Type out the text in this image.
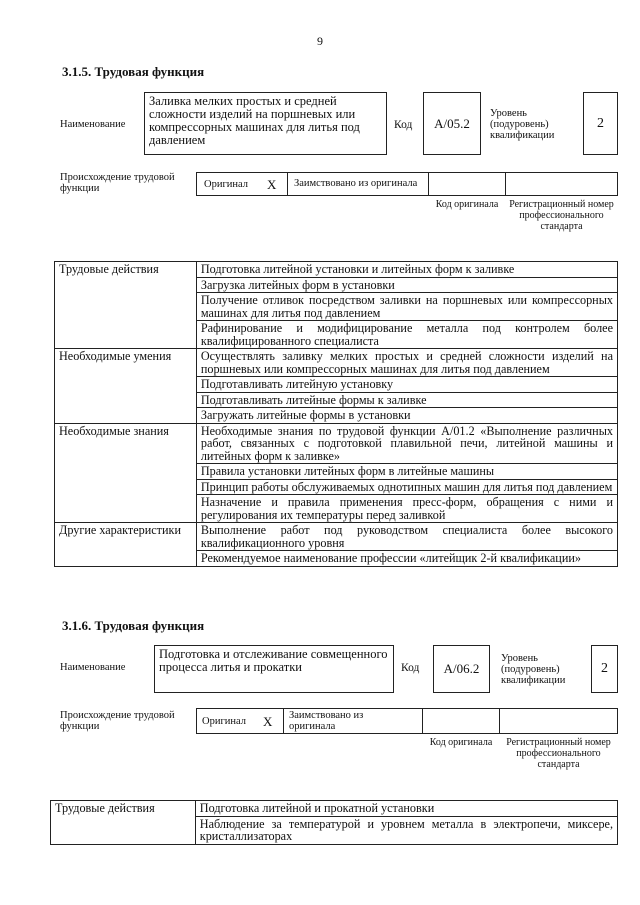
9
3.1.5. Трудовая функция
Наименование
Заливка мелких простых и средней сложности изделий на поршневых или компрессорных машинах для литья под давлением
Код	А/05.2
Уровень (подуровень) квалификации
2
Происхождение трудовой функции	Оригинал X Заимствовано из оригинала
Код оригинала	Регистрационный номер профессионального стандарта
Трудовые действия	Подготовка литейной установки и литейных форм к заливке
	Загрузка литейных форм в установки
	Получение отливок посредством заливки на поршневых или компрессорных машинах для литья под давлением
	Рафинирование и модифицирование металла под контролем более квалифицированного специалиста
Необходимые умения	Осуществлять заливку мелких простых и средней сложности изделий на поршневых или компрессорных машинах для литья под давлением
	Подготавливать литейную установку
	Подготавливать литейные формы к заливке
	Загружать литейные формы в установки
Необходимые знания	Необходимые знания по трудовой функции А/01.2 «Выполнение различных работ, связанных с подготовкой плавильной печи, литейной машины и литейных форм к заливке»
	Правила установки литейных форм в литейные машины
	Принцип работы обслуживаемых однотипных машин для литья под давлением
	Назначение и правила применения пресс-форм, обращения с ними и регулирования их температуры перед заливкой
Другие характеристики	Выполнение работ под руководством специалиста более высокого квалификационного уровня
	Рекомендуемое наименование профессии «литейщик 2-й квалификации»
3.1.6. Трудовая функция
Наименование
Подготовка и отслеживание совмещенного процесса литья и прокатки	Код	А/06.2
Уровень (подуровень) квалификации
2
Происхождение трудовой функции	Оригинал X Заимствовано из оригинала
Код оригинала	Регистрационный номер профессионального стандарта
Трудовые действия	Подготовка литейной и прокатной установки
Наблюдение за температурой и уровнем металла в электропечи, миксере, кристаллизаторах
